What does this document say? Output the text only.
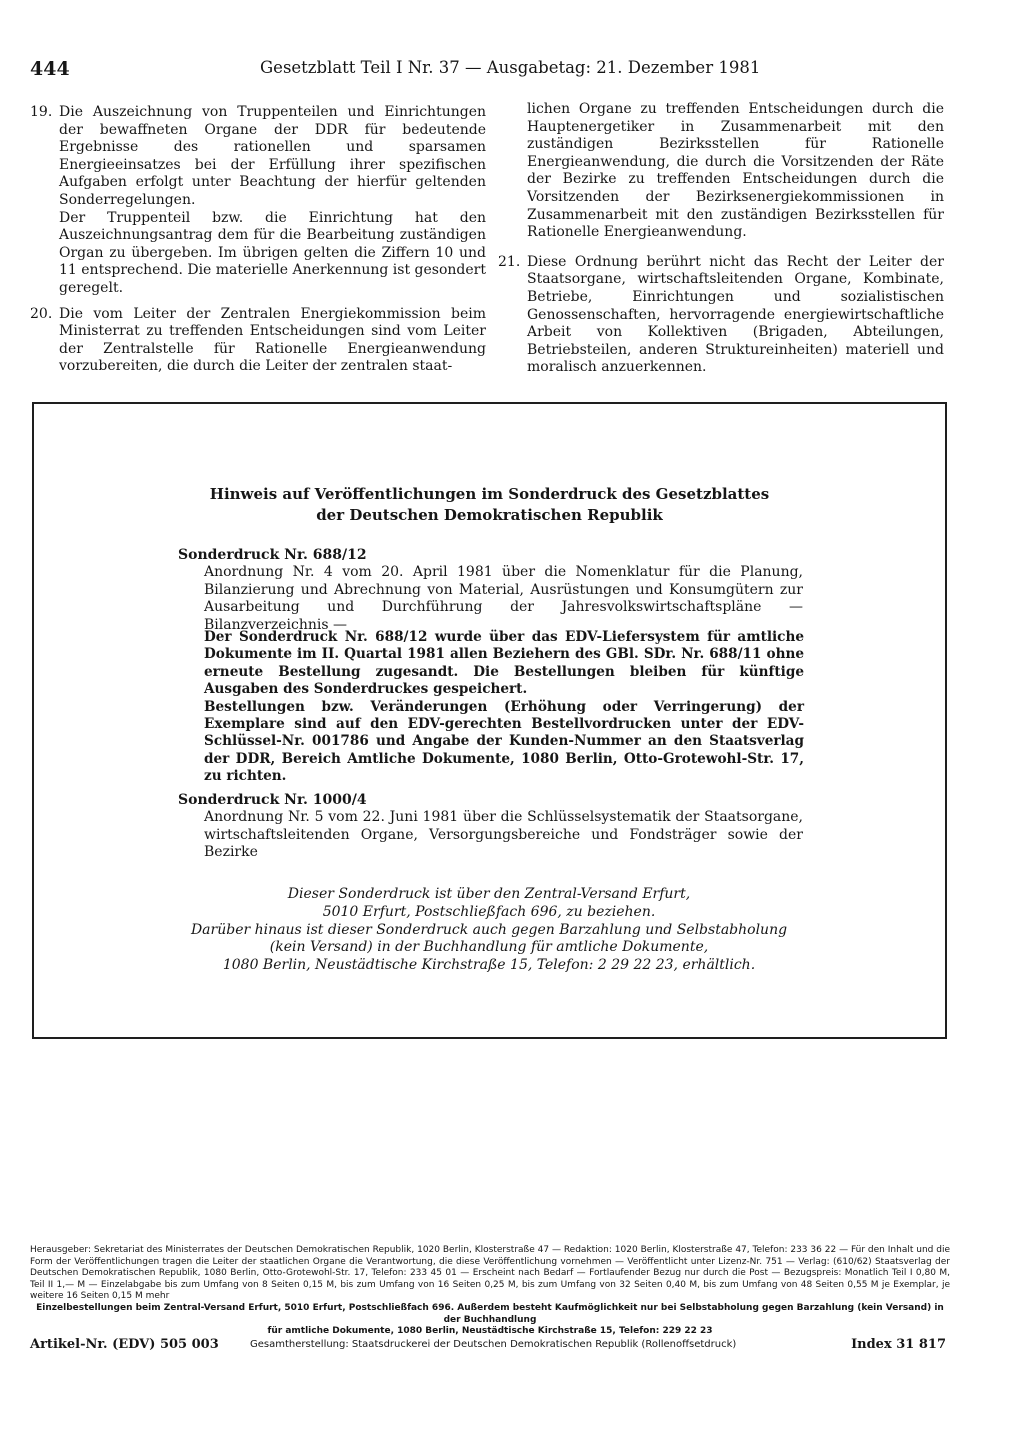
444	Gesetzblatt Teil I Nr. 37 — Ausgabetag: 21. Dezember 1981
19. Die Auszeichnung von Truppenteilen und Einrichtungen der bewaffneten Organe der DDR für bedeutende Ergebnisse des rationellen und sparsamen Energieeinsatzes bei der Erfüllung ihrer spezifischen Aufgaben erfolgt unter Beachtung der hierfür geltenden Sonderregelungen.

Der Truppenteil bzw. die Einrichtung hat den Auszeichnungsantrag dem für die Bearbeitung zuständigen Organ zu übergeben. Im übrigen gelten die Ziffern 10 und 11 entsprechend. Die materielle Anerkennung ist gesondert geregelt.

20. Die vom Leiter der Zentralen Energiekommission beim Ministerrat zu treffenden Entscheidungen sind vom Leiter der Zentralstelle für Rationelle Energieanwendung vorzubereiten, die durch die Leiter der zentralen staat-

lichen Organe zu treffenden Entscheidungen durch die Hauptenergetiker in Zusammenarbeit mit den zuständigen Bezirksstellen für Rationelle Energieanwendung, die durch die Vorsitzenden der Räte der Bezirke zu treffenden Entscheidungen durch die Vorsitzenden der Bezirksenergiekommissionen in Zusammenarbeit mit den zuständigen Bezirksstellen für Rationelle Energieanwendung.

21. Diese Ordnung berührt nicht das Recht der Leiter der Staatsorgane, wirtschaftsleitenden Organe, Kombinate, Betriebe, Einrichtungen und sozialistischen Genossenschaften, hervorragende energiewirtschaftliche Arbeit von Kollektiven (Brigaden, Abteilungen, Betriebsteilen, anderen Struktureinheiten) materiell und moralisch anzuerkennen.

Hinweis auf Veröffentlichungen im Sonderdruck des Gesetzblattes
der Deutschen Demokratischen Republik
Sonderdruck Nr. 688/12
Anordnung Nr. 4 vom 20. April 1981 über die Nomenklatur für die Planung, Bilanzierung und Abrechnung von Material, Ausrüstungen und Konsumgütern zur Ausarbeitung und Durchführung der Jahresvolkswirtschaftspläne — Bilanzverzeichnis —

Der Sonderdruck Nr. 688/12 wurde über das EDV-Liefersystem für amtliche Dokumente im II. Quartal 1981 allen Beziehern des GBl. SDr. Nr. 688/11 ohne erneute Bestellung zugesandt. Die Bestellungen bleiben für künftige Ausgaben des Sonderdruckes gespeichert.

Bestellungen bzw. Veränderungen (Erhöhung oder Verringerung) der Exemplare sind auf den EDV-gerechten Bestellvordrucken unter der EDV-Schlüssel-Nr. 001786 und Angabe der Kunden-Nummer an den Staatsverlag der DDR, Bereich Amtliche Dokumente, 1080 Berlin, Otto-Grotewohl-Str. 17, zu richten.

Sonderdruck Nr. 1000/4
Anordnung Nr. 5 vom 22. Juni 1981 über die Schlüsselsystematik der Staatsorgane, wirtschaftsleitenden Organe, Versorgungsbereiche und Fondsträger sowie der Bezirke

Dieser Sonderdruck ist über den Zentral-Versand Erfurt,

5010 Erfurt, Postschließfach 696, zu beziehen.

Darüber hinaus ist dieser Sonderdruck auch gegen Barzahlung und Selbstabholung

(kein Versand) in der Buchhandlung für amtliche Dokumente,

1080 Berlin, Neustädtische Kirchstraße 15, Telefon: 2 29 22 23, erhältlich.

Herausgeber: Sekretariat des Ministerrates der Deutschen Demokratischen Republik, 1020 Berlin, Klosterstraße 47 — Redaktion: 1020 Berlin, Klosterstraße 47, Telefon: 233 36 22 — Für den Inhalt und die Form der Veröffentlichungen tragen die Leiter der staatlichen Organe die Verantwortung, die diese Veröffentlichung vornehmen — Veröffentlicht unter Lizenz-Nr. 751 — Verlag: (610/62) Staatsverlag der Deutschen Demokratischen Republik, 1080 Berlin, Otto-Grotewohl-Str. 17, Telefon: 233 45 01 — Erscheint nach Bedarf — Fortlaufender Bezug nur durch die Post — Bezugspreis: Monatlich Teil I 0,80 M, Teil II 1,— M — Einzelabgabe bis zum Umfang von 8 Seiten 0,15 M, bis zum Umfang von 16 Seiten 0,25 M, bis zum Umfang von 32 Seiten 0,40 M, bis zum Umfang von 48 Seiten 0,55 M je Exemplar, je weitere 16 Seiten 0,15 M mehr

Einzelbestellungen beim Zentral-Versand Erfurt, 5010 Erfurt, Postschließfach 696. Außerdem besteht Kaufmöglichkeit nur bei Selbstabholung gegen Barzahlung (kein Versand) in der Buchhandlung

für amtliche Dokumente, 1080 Berlin, Neustädtische Kirchstraße 15, Telefon: 229 22 23

Artikel-Nr. (EDV) 505 003	Gesamtherstellung: Staatsdruckerei der Deutschen Demokratischen Republik (Rollenoffsetdruck)	Index 31 817
